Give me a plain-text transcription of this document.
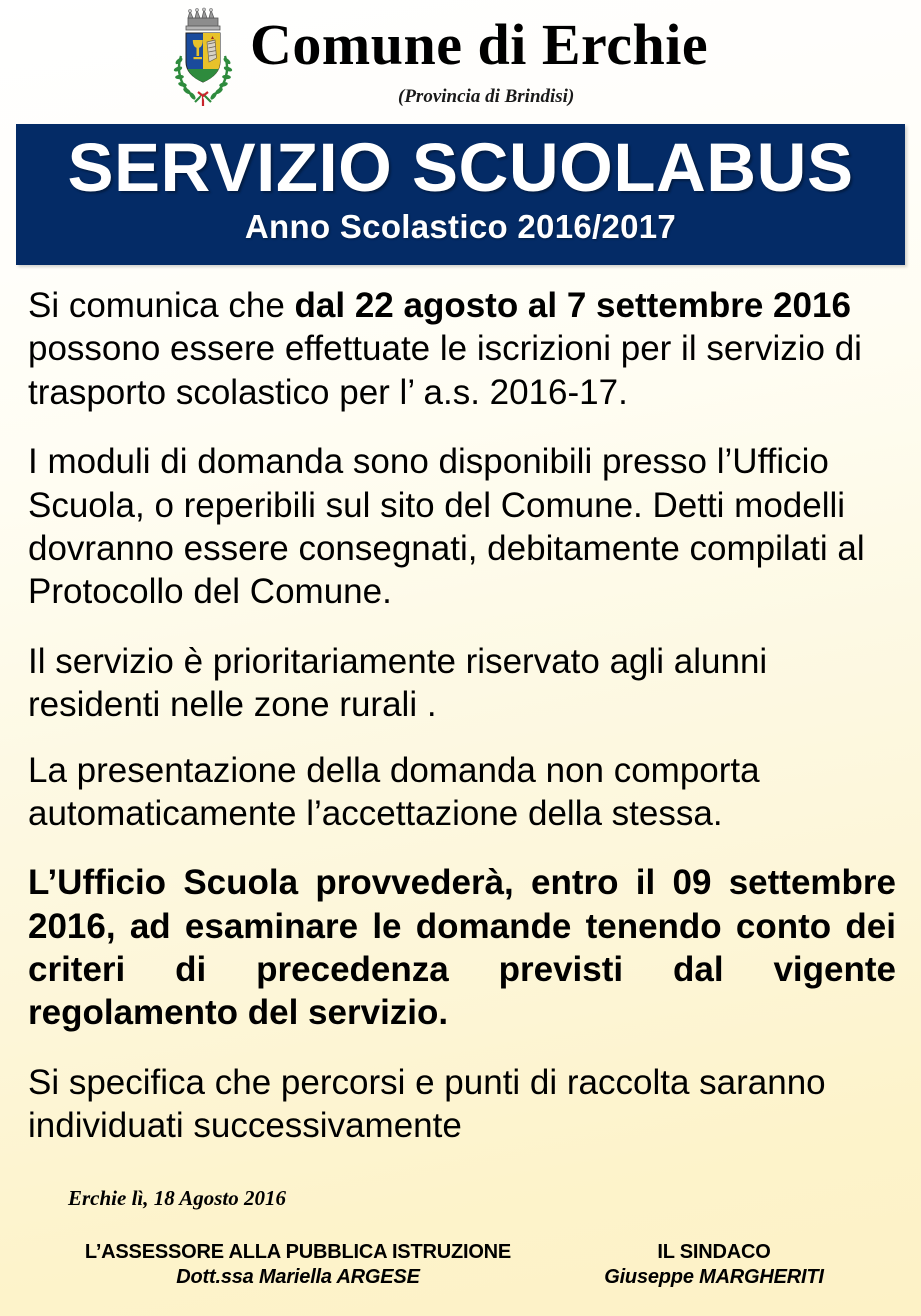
Comune di Erchie
(Provincia di Brindisi)
SERVIZIO SCUOLABUS
Anno Scolastico 2016/2017

Si comunica che dal 22 agosto al 7 settembre 2016 possono essere effettuate le iscrizioni per il servizio di trasporto scolastico per l’ a.s. 2016-17.

I moduli di domanda sono disponibili presso l’Ufficio Scuola, o reperibili sul sito del Comune. Detti modelli dovranno essere consegnati, debitamente compilati al Protocollo del Comune.

Il servizio è prioritariamente riservato agli alunni residenti nelle zone rurali .

La presentazione della domanda non comporta automaticamente l’accettazione della stessa.

L’Ufficio Scuola provvederà, entro il 09 settembre 2016, ad esaminare le domande tenendo conto dei criteri di precedenza previsti dal vigente regolamento del servizio.

Si specifica che percorsi e punti di raccolta saranno individuati successivamente

Erchie lì, 18 Agosto 2016
L’ASSESSORE ALLA PUBBLICA ISTRUZIONE
Dott.ssa Mariella ARGESE
IL SINDACO
Giuseppe MARGHERITI
